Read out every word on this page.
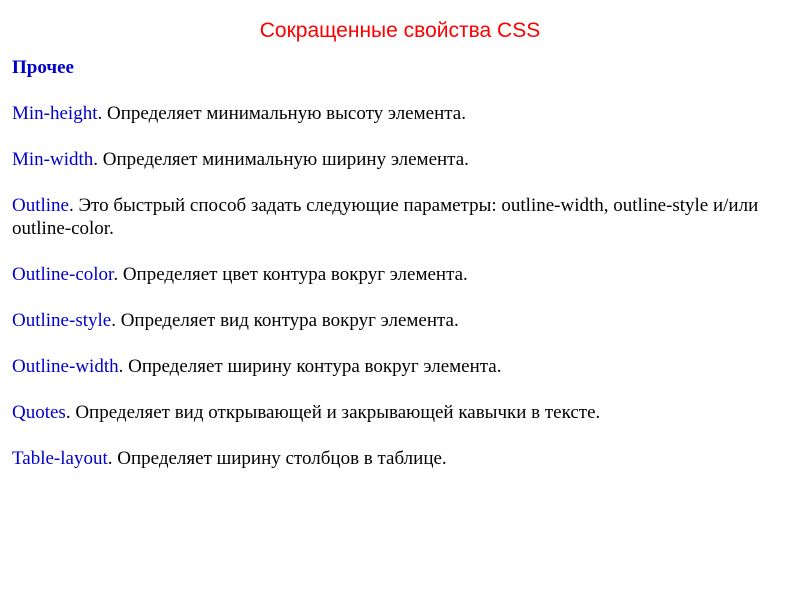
Сокращенные свойства CSS
Прочее
Min-height. Определяет минимальную высоту элемента.
Min-width. Определяет минимальную ширину элемента.
Outline. Это быстрый способ задать следующие параметры: outline-width, outline-style и/или outline-color.
Outline-color. Определяет цвет контура вокруг элемента.
Outline-style. Определяет вид контура вокруг элемента.
Outline-width. Определяет ширину контура вокруг элемента.
Quotes. Определяет вид открывающей и закрывающей кавычки в тексте.
Table-layout. Определяет ширину столбцов в таблице.
